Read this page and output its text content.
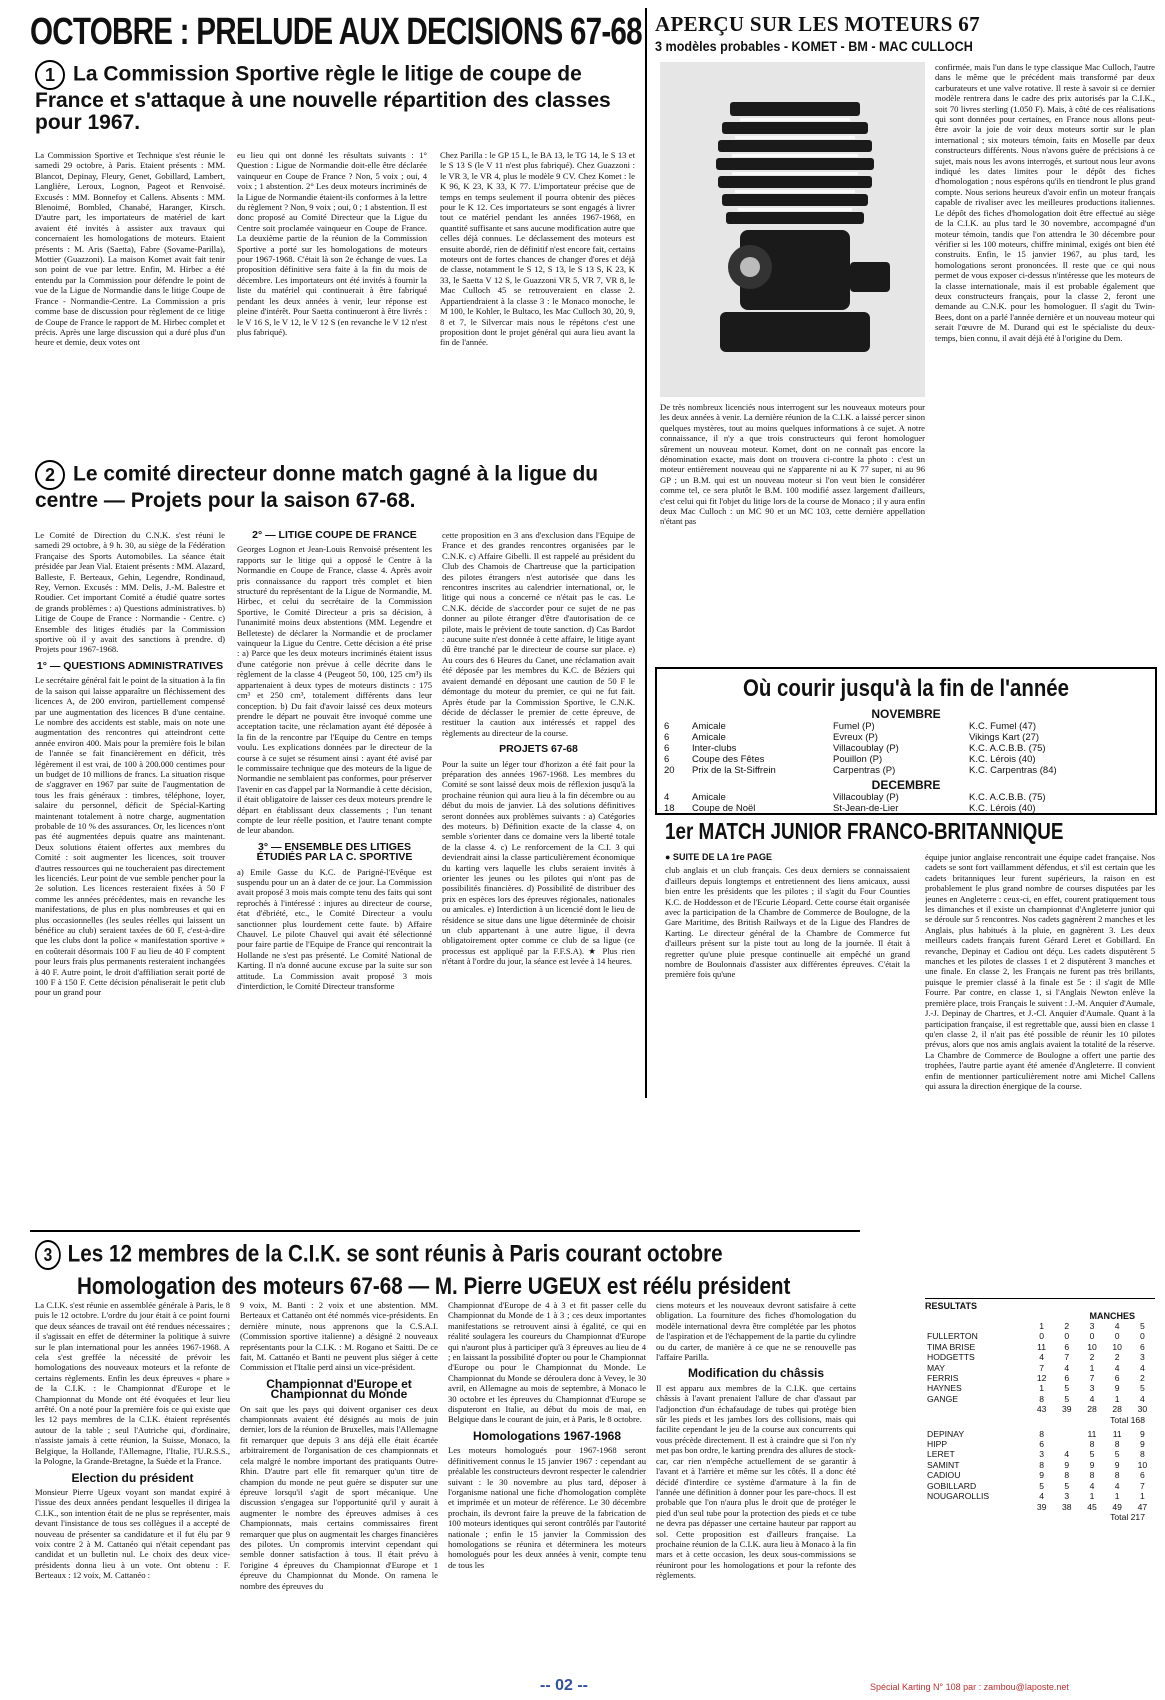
OCTOBRE : PRELUDE AUX DECISIONS 67-68
1 La Commission Sportive règle le litige de coupe de France et s'attaque à une nouvelle répartition des classes pour 1967.
La Commission Sportive et Technique s'est réunie le samedi 29 octobre, à Paris. Etaient présents : MM. Blancot, Depinay, Fleury, Genet, Gobillard, Lambert, Langlière, Leroux, Lognon, Pageot et Renvoisé. Excusés : MM. Bonnefoy et Callens. Absents : MM. Blenoimé, Bombled, Chanabé, Haranger, Kirsch. D'autre part, les importateurs de matériel de kart avaient été invités à assister aux travaux qui concernaient les homologations de moteurs. Etaient présents : M. Aris (Saetta), Fabre (Sovame-Parilla), Mottier (Guazzoni). La maison Komet avait fait tenir son point de vue par lettre. Enfin, M. Hirbec a été entendu par la Commission pour défendre le point de vue de la Ligue de Normandie dans le litige Coupe de France - Normandie-Centre. La Commission a pris comme base de discussion pour règlement de ce litige de Coupe de France le rapport de M. Hirbec complet et précis. Après une large discussion qui a duré plus d'un heure et demie, deux votes ont
eu lieu qui ont donné les résultats suivants : 1° Question : Ligue de Normandie doit-elle être déclarée vainqueur en Coupe de France ? Non, 5 voix ; oui, 4 voix ; 1 abstention. 2° Les deux moteurs incriminés de la Ligue de Normandie étaient-ils conformes à la lettre du règlement ? Non, 9 voix ; oui, 0 ; 1 abstention. Il est donc proposé au Comité Directeur que la Ligue du Centre soit proclamée vainqueur en Coupe de France. La deuxième partie de la réunion de la Commission Sportive a porté sur les homologations de moteurs pour 1967-1968. C'était là son 2e échange de vues. La proposition définitive sera faite à la fin du mois de décembre. Les importateurs ont été invités à fournir la liste du matériel qui continuerait à être fabriqué pendant les deux années à venir, leur réponse est pleine d'intérêt. Pour Saetta continueront à être livrés : le V 16 S, le V 12, le V 12 S (en revanche le V 12 n'est plus fabriqué).
Chez Parilla : le GP 15 L, le BA 13, le TG 14, le S 13 et le S 13 S (le V 11 n'est plus fabriqué). Chez Guazzoni : le VR 3, le VR 4, plus le modèle 9 CV. Chez Komet : le K 96, K 23, K 33, K 77. L'importateur précise que de temps en temps seulement il pourra obtenir des pièces pour le K 12. Ces importateurs se sont engagés à livrer tout ce matériel pendant les années 1967-1968, en quantité suffisante et sans aucune modification autre que celles déjà connues. Le déclassement des moteurs est ensuite abordé, rien de définitif n'est encore fait, certains moteurs ont de fortes chances de changer d'ores et déjà de classe, notamment le S 12, S 13, le S 13 S, K 23, K 33, le Saetta V 12 S, le Guazzoni VR 5, VR 7, VR 8, le Mac Culloch 45 se retrouveraient en classe 2. Appartiendraient à la classe 3 : le Monaco monoche, le M 100, le Kohler, le Bultaco, les Mac Culloch 30, 20, 9, 8 et 7, le Silvercar mais nous le répétons c'est une proposition dont le projet général qui aura lieu avant la fin de l'année.
2 Le comité directeur donne match gagné à la ligue du centre — Projets pour la saison 67-68.
Le Comité de Direction du C.N.K. s'est réuni le samedi 29 octobre, à 9 h. 30, au siège de la Fédération Française des Sports Automobiles. La séance était présidée par Jean Vial. Etaient présents : MM. Alazard, Balleste, F. Berteaux, Gehin, Legendre, Rondinaud, Rey, Vernon. Excusés : MM. Delis, J.-M. Balestre et Roudier. Cet important Comité a étudié quatre sortes de grands problèmes : a) Questions administratives. b) Litige de Coupe de France : Normandie - Centre. c) Ensemble des litiges étudiés par la Commission sportive où il y avait des sanctions à prendre. d) Projets pour 1967-1968.
1° — QUESTIONS ADMINISTRATIVES
Le secrétaire général fait le point de la situation à la fin de la saison qui laisse apparaître un fléchissement des licences A, de 200 environ, partiellement compensé par une augmentation des licences B d'une centaine. Le nombre des accidents est stable, mais on note une augmentation des rencontres qui atteindront cette année environ 400. Mais pour la première fois le bilan de l'année se fait financièrement en déficit, très légèrement il est vrai, de 100 à 200.000 centimes pour un budget de 10 millions de francs. La situation risque de s'aggraver en 1967 par suite de l'augmentation de tous les frais généraux : timbres, téléphone, loyer, salaire du personnel, déficit de Spécial-Karting maintenant totalement à notre charge, augmentation probable de 10 % des assurances. Or, les licences n'ont pas été augmentées depuis quatre ans maintenant. Deux solutions étaient offertes aux membres du Comité : soit augmenter les licences, soit trouver d'autres ressources qui ne toucheraient pas directement les licenciés. Leur point de vue semble pencher pour la 2e solution. Les licences resteraient fixées à 50 F comme les années précédentes, mais en revanche les manifestations, de plus en plus nombreuses et qui en plus occasionnelles (les seules réelles qui laissent un bénéfice au club) seraient taxées de 60 F, c'est-à-dire que les clubs dont la police « manifestation sportive » en coûterait désormais 100 F au lieu de 40 F comptent pour leurs frais plus permanents resteraient inchangées à 40 F. Autre point, le droit d'affiliation serait porté de 100 F à 150 F. Cette décision pénaliserait le petit club pour un grand pour
2° — LITIGE COUPE DE FRANCE
Georges Lognon et Jean-Louis Renvoisé présentent les rapports sur le litige qui a opposé le Centre à la Normandie en Coupe de France, classe 4. Après avoir pris connaissance du rapport très complet et bien structuré du représentant de la Ligue de Normandie, M. Hirbec, et celui du secrétaire de la Commission Sportive, le Comité Directeur a pris sa décision, à l'unanimité moins deux abstentions (MM. Legendre et Belleteste) de déclarer la Normandie et de proclamer vainqueur la Ligue du Centre. Cette décision a été prise : a) Parce que les deux moteurs incriminés étaient issus d'une catégorie non prévue à celle décrite dans le règlement de la classe 4 (Peugeot 50, 100, 125 cm³) ils appartenaient à deux types de moteurs distincts : 175 cm³ et 250 cm³, totalement différents dans leur conception. b) Du fait d'avoir laissé ces deux moteurs prendre le départ ne pouvait être invoqué comme une acceptation tacite, une réclamation ayant été déposée à la fin de la rencontre par l'Equipe du Centre en temps voulu. Les explications données par le directeur de la course à ce sujet se résument ainsi : ayant été avisé par le commissaire technique que des moteurs de la ligue de Normandie ne semblaient pas conformes, pour préserver l'avenir en cas d'appel par la Normandie à cette décision, il était obligatoire de laisser ces deux moteurs prendre le départ en établissant deux classements ; l'un tenant compte de leur réelle position, et l'autre tenant compte de leur abandon.
3° — ENSEMBLE DES LITIGES ÉTUDIÉS PAR LA C. SPORTIVE
a) Emile Gasse du K.C. de Parigné-l'Evêque est suspendu pour un an à dater de ce jour. La Commission avait proposé 3 mois mais compte tenu des faits qui sont reprochés à l'intéressé : injures au directeur de course, état d'ébriété, etc., le Comité Directeur a voulu sanctionner plus lourdement cette faute. b) Affaire Chauvel. Le pilote Chauvel qui avait été sélectionné pour faire partie de l'Equipe de France qui rencontrait la Hollande ne s'est pas présenté. Le Comité National de Karting. Il n'a donné aucune excuse par la suite sur son attitude. La Commission avait proposé 3 mois d'interdiction, le Comité Directeur transforme
cette proposition en 3 ans d'exclusion dans l'Equipe de France et des grandes rencontres organisées par le C.N.K. c) Affaire Gibelli. Il est rappelé au président du Club des Chamois de Chartreuse que la participation des pilotes étrangers n'est autorisée que dans les rencontres inscrites au calendrier international, or, le litige qui nous a concerné ce n'était pas le cas. Le C.N.K. décide de s'accorder pour ce sujet de ne pas donner au pilote étranger d'être d'autorisation de ce pilote, mais le prévient de toute sanction. d) Cas Bardot : aucune suite n'est donnée à cette affaire, le litige ayant dû être tranché par le directeur de course sur place. e) Au cours des 6 Heures du Canet, une réclamation avait été déposée par les membres du K.C. de Béziers qui avaient demandé en déposant une caution de 50 F le démontage du moteur du premier, ce qui ne fut fait. Après étude par la Commission Sportive, le C.N.K. décide de déclasser le premier de cette épreuve, de restituer la caution aux intéressés et rappel des règlements au directeur de la course.
PROJETS 67-68
Pour la suite un léger tour d'horizon a été fait pour la préparation des années 1967-1968. Les membres du Comité se sont laissé deux mois de réflexion jusqu'à la prochaine réunion qui aura lieu à la fin décembre ou au début du mois de janvier. Là des solutions définitives seront données aux problèmes suivants : a) Catégories des moteurs. b) Définition exacte de la classe 4, on semble s'orienter dans ce domaine vers la liberté totale de la classe 4. c) Le renforcement de la C.I. 3 qui deviendrait ainsi la classe particulièrement économique du karting vers laquelle les clubs seraient invités à orienter les jeunes ou les pilotes qui n'ont pas de possibilités financières. d) Possibilité de distribuer des prix en espèces lors des épreuves régionales, nationales ou amicales. e) Interdiction à un licencié dont le lieu de résidence se situe dans une ligue déterminée de choisir un club appartenant à une autre ligue, il devra obligatoirement opter comme ce club de sa ligue (ce processus est appliqué par la F.F.S.A). ★ Plus rien n'étant à l'ordre du jour, la séance est levée à 14 heures.
3 Les 12 membres de la C.I.K. se sont réunis à Paris courant octobre
Homologation des moteurs 67-68 — M. Pierre UGEUX est réélu président
La C.I.K. s'est réunie en assemblée générale à Paris, le 8 puis le 12 octobre. L'ordre du jour était à ce point fourni que deux séances de travail ont été rendues nécessaires ; il s'agissait en effet de déterminer la politique à suivre sur le plan international pour les années 1967-1968. A cela s'est greffée la nécessité de prévoir les homologations des nouveaux moteurs et la refonte de certains règlements. Enfin les deux épreuves « phare » de la C.I.K. : le Championnat d'Europe et le Championnat du Monde ont été évoquées et leur lieu arrêté. On a noté pour la première fois ce qui existe que les 12 pays membres de la C.I.K. étaient représentés autour de la table ; seul l'Autriche qui, d'ordinaire, n'assiste jamais à cette réunion, la Suisse, Monaco, la Belgique, la Hollande, l'Allemagne, l'Italie, l'U.R.S.S., la Pologne, la Grande-Bretagne, la Suède et la France.
Election du président
Monsieur Pierre Ugeux voyant son mandat expiré à l'issue des deux années pendant lesquelles il dirigea la C.I.K., son intention était de ne plus se représenter, mais devant l'insistance de tous ses collègues il a accepté de nouveau de présenter sa candidature et il fut élu par 9 voix contre 2 à M. Cattanéo qui n'était cependant pas candidat et un bulletin nul. Le choix des deux vice-présidents donna lieu à un vote. Ont obtenu : F. Berteaux : 12 voix, M. Cattanéo :
9 voix, M. Banti : 2 voix et une abstention. MM. Berteaux et Cattanéo ont été nommés vice-présidents. En dernière minute, nous apprenons que la C.S.A.I. (Commission sportive italienne) a désigné 2 nouveaux représentants pour la C.I.K. : M. Rogano et Saitti. De ce fait, M. Cattanéo et Banti ne peuvent plus siéger à cette Commission et l'Italie perd ainsi un vice-président.
Championnat d'Europe et Championnat du Monde
On sait que les pays qui doivent organiser ces deux championnats avaient été désignés au mois de juin dernier, lors de la réunion de Bruxelles, mais l'Allemagne fit remarquer que depuis 3 ans déjà elle était écartée arbitrairement de l'organisation de ces championnats et cela malgré le nombre important des pratiquants Outre-Rhin. D'autre part elle fit remarquer qu'un titre de champion du monde ne peut guère se disputer sur une épreuve lorsqu'il s'agit de sport mécanique. Une discussion s'engagea sur l'opportunité qu'il y aurait à augmenter le nombre des épreuves admises à ces Championnats, mais certains commissaires firent remarquer que plus on augmentait les charges financières des pilotes. Un compromis intervint cependant qui semble donner satisfaction à tous. Il était prévu à l'origine 4 épreuves du Championnat d'Europe et 1 épreuve du Championnat du Monde. On ramena le nombre des épreuves du
Championnat d'Europe de 4 à 3 et fit passer celle du Championnat du Monde de 1 à 3 ; ces deux importantes manifestations se retrouvent ainsi à égalité, ce qui en réalité soulagera les coureurs du Championnat d'Europe qui n'auront plus à participer qu'à 3 épreuves au lieu de 4 ; en laissant la possibilité d'opter ou pour le Championnat d'Europe ou pour le Championnat du Monde. Le Championnat du Monde se déroulera donc à Vevey, le 30 avril, en Allemagne au mois de septembre, à Monaco le 30 octobre et les épreuves du Championnat d'Europe se disputeront en Italie, au début du mois de mai, en Belgique dans le courant de juin, et à Paris, le 8 octobre.
Homologations 1967-1968
Les moteurs homologués pour 1967-1968 seront définitivement connus le 15 janvier 1967 : cependant au préalable les constructeurs devront respecter le calendrier suivant : le 30 novembre au plus tard, déposer à l'organisme national une fiche d'homologation complète et imprimée et un moteur de référence. Le 30 décembre prochain, ils devront faire la preuve de la fabrication de 100 moteurs identiques qui seront contrôlés par l'autorité nationale ; enfin le 15 janvier la Commission des homologations se réunira et déterminera les moteurs homologués pour les deux années à venir, compte tenu de tous les
ciens moteurs et les nouveaux devront satisfaire à cette obligation. La fourniture des fiches d'homologation du modèle international devra être complétée par les photos de l'aspiration et de l'échappement de la partie du cylindre ou du carter, de manière à ce que ne se renouvelle pas l'affaire Parilla.
Modification du châssis
Il est apparu aux membres de la C.I.K. que certains châssis à l'avant prenaient l'allure de char d'assaut par l'adjonction d'un échafaudage de tubes qui protège bien sûr les pieds et les jambes lors des collisions, mais qui facilite cependant le jeu de la course aux concurrents qui vous précède directement. Il est à craindre que si l'on n'y met pas bon ordre, le karting prendra des allures de stock-car, car rien n'empêche actuellement de se garantir à l'avant et à l'arrière et même sur les côtés. Il a donc été décidé d'interdire ce système d'armature à la fin de l'année une définition à donner pour les pare-chocs. Il est probable que l'on n'aura plus le droit que de protéger le pied d'un seul tube pour la protection des pieds et ce tube ne devra pas dépasser une certaine hauteur par rapport au sol. Cette proposition est d'ailleurs française. La prochaine réunion de la C.I.K. aura lieu à Monaco à la fin mars et à cette occasion, les deux sous-commissions se réuniront pour les homologations et pour la refonte des règlements.
APERÇU SUR LES MOTEURS 67
3 modèles probables - KOMET - BM - MAC CULLOCH
confirmée, mais l'un dans le type classique Mac Culloch, l'autre dans le même que le précédent mais transformé par deux carburateurs et une valve rotative. Il reste à savoir si ce dernier modèle rentrera dans le cadre des prix autorisés par la C.I.K., soit 70 livres sterling (1.050 F). Mais, à côté de ces réalisations qui sont données pour certaines, en France nous allons peut-être avoir la joie de voir deux moteurs sortir sur le plan international ; six moteurs témoin, faits en Moselle par deux constructeurs différents. Nous n'avons guère de précisions à ce sujet, mais nous les avons interrogés, et surtout nous leur avons indiqué les dates limites pour le dépôt des fiches d'homologation ; nous espérons qu'ils en tiendront le plus grand compte. Nous serions heureux d'avoir enfin un moteur français capable de rivaliser avec les meilleures productions italiennes. Le dépôt des fiches d'homologation doit être effectué au siège de la C.I.K. au plus tard le 30 novembre, accompagné d'un moteur témoin, tandis que l'on attendra le 30 décembre pour vérifier si les 100 moteurs, chiffre minimal, exigés ont bien été construits. Enfin, le 15 janvier 1967, au plus tard, les homologations seront prononcées. Il reste que ce qui nous permet de vous exposer ci-dessus n'intéresse que les moteurs de la classe internationale, mais il est probable également que deux constructeurs français, pour la classe 2, feront une demande au C.N.K. pour les homologuer. Il s'agit du Twin-Bees, dont on a parlé l'année dernière et un nouveau moteur qui serait l'œuvre de M. Durand qui est le spécialiste du deux-temps, bien connu, il avait déjà été à l'origine du Dem.
De très nombreux licenciés nous interrogent sur les nouveaux moteurs pour les deux années à venir. La dernière réunion de la C.I.K. a laissé percer sinon quelques mystères, tout au moins quelques informations à ce sujet. A notre connaissance, il n'y a que trois constructeurs qui feront homologuer sûrement un nouveau moteur. Komet, dont on ne connaît pas encore la dénomination exacte, mais dont on trouvera ci-contre la photo : c'est un moteur entièrement nouveau qui ne s'apparente ni au K 77 super, ni au 96 GP ; un B.M. qui est un nouveau moteur si l'on veut bien le considérer comme tel, ce sera plutôt le B.M. 100 modifié assez largement d'ailleurs, c'est celui qui fit l'objet du litige lors de la course de Monaco ; il y aura enfin deux Mac Culloch : un MC 90 et un MC 103, cette dernière appellation n'étant pas
Où courir jusqu'à la fin de l'année
NOVEMBRE
6	Amicale	Fumel (P)	K.C. Fumel (47)
6	Amicale	Evreux (P)	Vikings Kart (27)
6	Inter-clubs	Villacoublay (P)	K.C. A.C.B.B. (75)
6	Coupe des Fêtes	Pouillon (P)	K.C. Lérois (40)
20	Prix de la St-Siffrein	Carpentras (P)	K.C. Carpentras (84)
DECEMBRE
4	Amicale	Villacoublay (P)	K.C. A.C.B.B. (75)
18	Coupe de Noël	St-Jean-de-Lier	K.C. Lérois (40)
1er MATCH JUNIOR FRANCO-BRITANNIQUE
● SUITE DE LA 1re PAGE
club anglais et un club français. Ces deux derniers se connaissaient d'ailleurs depuis longtemps et entretiennent des liens amicaux, aussi bien entre les présidents que les pilotes ; il s'agit du Four Counties K.C. de Hoddesson et de l'Ecurie Léopard. Cette course était organisée avec la participation de la Chambre de Commerce de Boulogne, de la Gare Maritime, des British Railways et de la Ligue des Flandres de Karting. Le directeur général de la Chambre de Commerce fut d'ailleurs présent sur la piste tout au long de la journée. Il était à regretter qu'une pluie presque continuelle ait empêché un grand nombre de Boulonnais d'assister aux différentes épreuves. C'était la première fois qu'une
équipe junior anglaise rencontrait une équipe cadet française. Nos cadets se sont fort vaillamment défendus, et s'il est certain que les cadets britanniques leur furent supérieurs, la raison en est probablement le plus grand nombre de courses disputées par les jeunes en Angleterre : ceux-ci, en effet, courent pratiquement tous les dimanches et il existe un championnat d'Angleterre junior qui se déroule sur 5 rencontres. Nos cadets gagnèrent 2 manches et les Anglais, plus habitués à la pluie, en gagnèrent 3. Les deux meilleurs cadets français furent Gérard Leret et Gobillard. En revanche, Depinay et Cadiou ont déçu. Les cadets disputèrent 5 manches et les pilotes de classes 1 et 2 disputèrent 3 manches et une finale. En classe 2, les Français ne furent pas très brillants, puisque le premier classé à la finale est 5e : il s'agit de Mlle Fourre. Par contre, en classe 1, si l'Anglais Newton enlève la première place, trois Français le suivent : J.-M. Anquier d'Aumale, J.-J. Depinay de Chartres, et J.-Cl. Anquier d'Aumale. Quant à la participation française, il est regrettable que, aussi bien en classe 1 qu'en classe 2, il n'ait pas été possible de réunir les 10 pilotes prévus, alors que nos amis anglais avaient la totalité de la réserve. La Chambre de Commerce de Boulogne a offert une partie des trophées, l'autre partie ayant été amenée d'Angleterre. Il convient enfin de mentionner particulièrement notre ami Michel Callens qui assura la direction énergique de la course.
RESULTATS
MANCHES
	1	2	3	4	5
FULLERTON	0	0	0	0	0
TIMA BRISE	11	6	10	10	6
HODGETTS	4	7	2	2	3
MAY	7	4	1	4	4
FERRIS	12	6	7	6	2
HAYNES	1	5	3	9	5
GANGE	8	5	4	1	4
	43	39	28	28	30
Total 168
DEPINAY	8		11	11	9
HIPP	6		8	8	9
LERET	3	4	5	5	8
SAMINT	8	9	9	9	10
CADIOU	9	8	8	8	6
GOBILLARD	5	5	4	4	7
NOUGAROLLIS	4	3	1	1	1
	39	38	45	49	47
Total 217
-- 02 --	Spécial Karting N° 108 par : zambou@laposte.net
